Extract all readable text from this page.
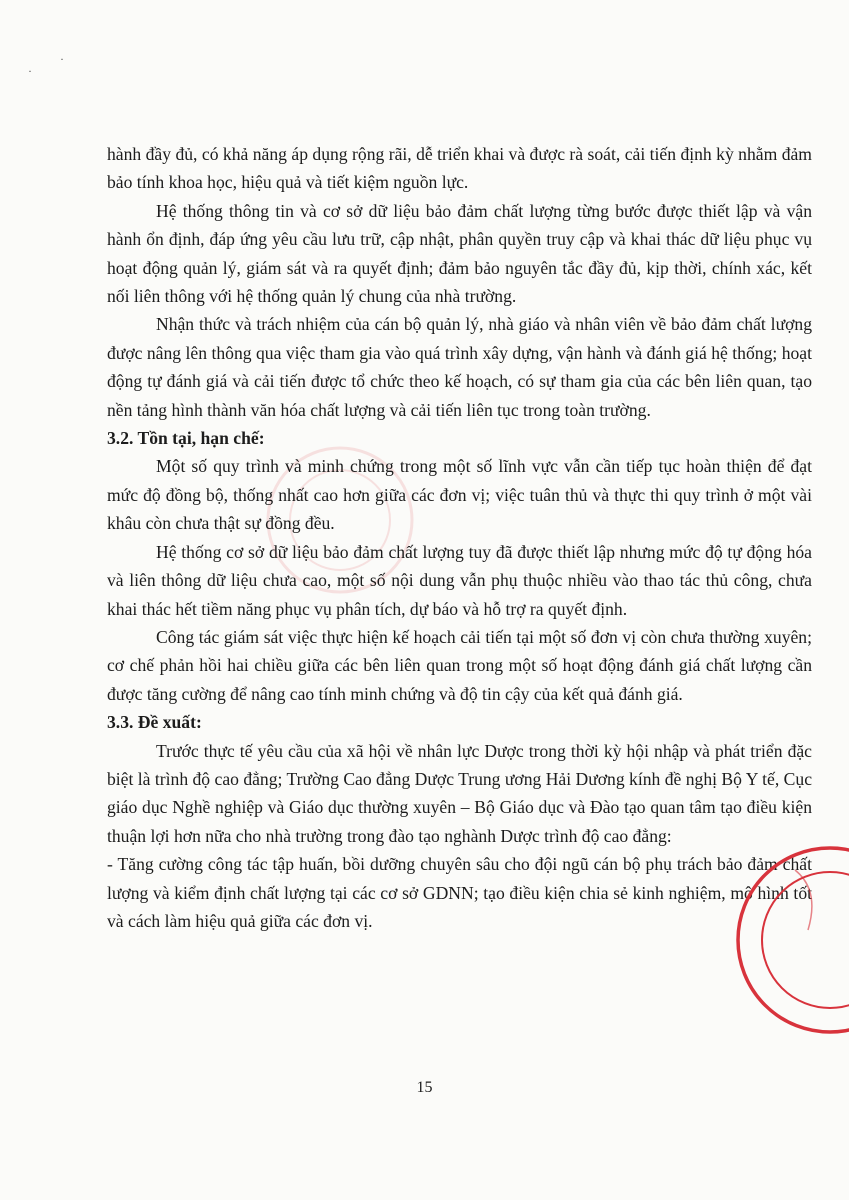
·
·

hành đầy đủ, có khả năng áp dụng rộng rãi, dễ triển khai và được rà soát, cải tiến định kỳ nhằm đảm bảo tính khoa học, hiệu quả và tiết kiệm nguồn lực.

Hệ thống thông tin và cơ sở dữ liệu bảo đảm chất lượng từng bước được thiết lập và vận hành ổn định, đáp ứng yêu cầu lưu trữ, cập nhật, phân quyền truy cập và khai thác dữ liệu phục vụ hoạt động quản lý, giám sát và ra quyết định; đảm bảo nguyên tắc đầy đủ, kịp thời, chính xác, kết nối liên thông với hệ thống quản lý chung của nhà trường.

Nhận thức và trách nhiệm của cán bộ quản lý, nhà giáo và nhân viên về bảo đảm chất lượng được nâng lên thông qua việc tham gia vào quá trình xây dựng, vận hành và đánh giá hệ thống; hoạt động tự đánh giá và cải tiến được tổ chức theo kế hoạch, có sự tham gia của các bên liên quan, tạo nền tảng hình thành văn hóa chất lượng và cải tiến liên tục trong toàn trường.

3.2. Tồn tại, hạn chế:

Một số quy trình và minh chứng trong một số lĩnh vực vẫn cần tiếp tục hoàn thiện để đạt mức độ đồng bộ, thống nhất cao hơn giữa các đơn vị; việc tuân thủ và thực thi quy trình ở một vài khâu còn chưa thật sự đồng đều.

Hệ thống cơ sở dữ liệu bảo đảm chất lượng tuy đã được thiết lập nhưng mức độ tự động hóa và liên thông dữ liệu chưa cao, một số nội dung vẫn phụ thuộc nhiều vào thao tác thủ công, chưa khai thác hết tiềm năng phục vụ phân tích, dự báo và hỗ trợ ra quyết định.

Công tác giám sát việc thực hiện kế hoạch cải tiến tại một số đơn vị còn chưa thường xuyên; cơ chế phản hồi hai chiều giữa các bên liên quan trong một số hoạt động đánh giá chất lượng cần được tăng cường để nâng cao tính minh chứng và độ tin cậy của kết quả đánh giá.

3.3. Đề xuất:

Trước thực tế yêu cầu của xã hội về nhân lực Dược trong thời kỳ hội nhập và phát triển đặc biệt là trình độ cao đẳng; Trường Cao đẳng Dược Trung ương Hải Dương kính đề nghị Bộ Y tế, Cục giáo dục Nghề nghiệp và Giáo dục thường xuyên – Bộ Giáo dục và Đào tạo quan tâm tạo điều kiện thuận lợi hơn nữa cho nhà trường trong đào tạo nghành Dược trình độ cao đẳng:

- Tăng cường công tác tập huấn, bồi dưỡng chuyên sâu cho đội ngũ cán bộ phụ trách bảo đảm chất lượng và kiểm định chất lượng tại các cơ sở GDNN; tạo điều kiện chia sẻ kinh nghiệm, mô hình tốt và cách làm hiệu quả giữa các đơn vị.

15
